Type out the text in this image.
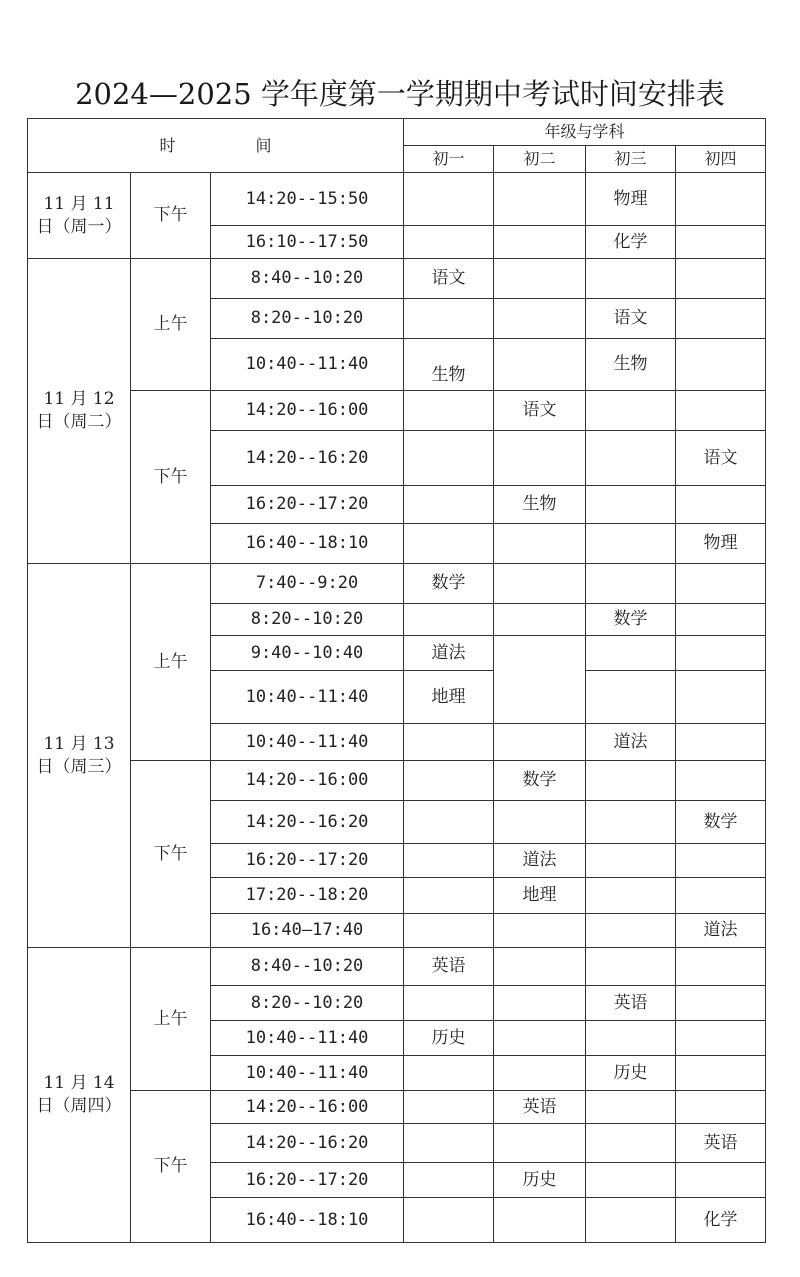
2024—2025 学年度第一学期期中考试时间安排表
时 间			年级与学科			
			初一	初二	初三	初四

11 月 11
日（周一）	下午	14:20--15:50			物理	
		16:10--17:50			化学	

11 月 12
日（周二）	上午	8:40--10:20	语文			
		8:20--10:20			语文	
		10:40--11:40	生物		生物	
	下午	14:20--16:00		语文		
		14:20--16:20				语文
		16:20--17:20		生物		
		16:40--18:10				物理

11 月 13
日（周三）	上午	7:40--9:20	数学			
		8:20--10:20			数学	
		9:40--10:40	道法			
		10:40--11:40	地理			
		10:40--11:40			道法	
	下午	14:20--16:00		数学		
		14:20--16:20				数学
		16:20--17:20		道法		
		17:20--18:20		地理		
		16:40—17:40				道法

11 月 14
日（周四）	上午	8:40--10:20	英语			
		8:20--10:20			英语	
		10:40--11:40	历史			
		10:40--11:40			历史	
	下午	14:20--16:00		英语		
		14:20--16:20				英语
		16:20--17:20		历史		
		16:40--18:10				化学
